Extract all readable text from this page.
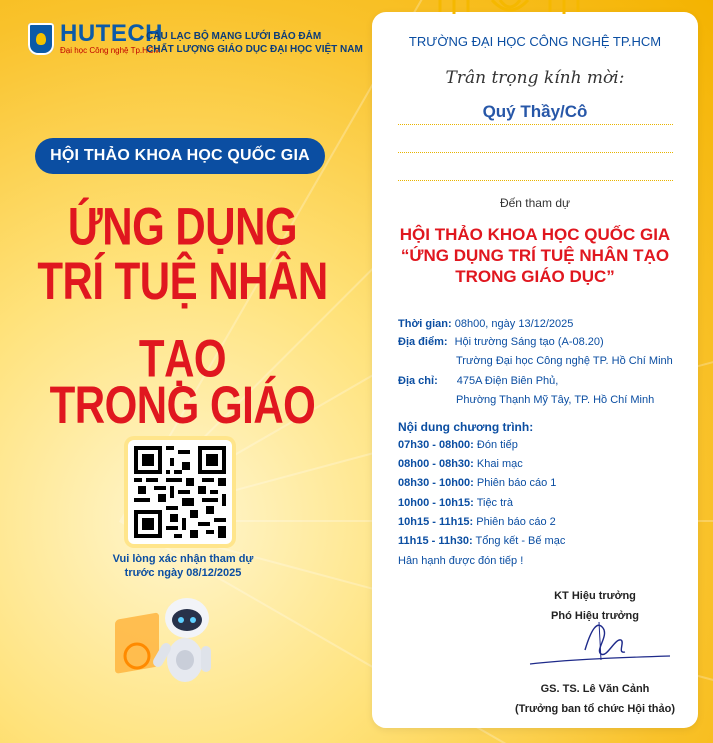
HUTECH
Đại học Công nghệ Tp.HCM
CÂU LẠC BỘ MẠNG LƯỚI BẢO ĐẢM
CHẤT LƯỢNG GIÁO DỤC ĐẠI HỌC VIỆT NAM
HỘI THẢO KHOA HỌC QUỐC GIA
ỨNG DỤNG
TRÍ TUỆ NHÂN TẠO
TRONG GIÁO
Vui lòng xác nhận tham dự
trước ngày 08/12/2025
TRƯỜNG ĐẠI HỌC CÔNG NGHỆ TP.HCM
Trân trọng kính mời:
Quý Thầy/Cô
Đến tham dự
HỘI THẢO KHOA HỌC QUỐC GIA
“ỨNG DỤNG TRÍ TUỆ NHÂN TẠO
TRONG GIÁO DỤC”
Thời gian: 08h00, ngày 13/12/2025
Địa điểm: Hội trường Sáng tạo (A-08.20)
Trường Đại học Công nghệ TP. Hồ Chí Minh
Địa chỉ: 475A Điện Biên Phủ,
Phường Thạnh Mỹ Tây, TP. Hồ Chí Minh
Nội dung chương trình:
07h30 - 08h00: Đón tiếp
08h00 - 08h30: Khai mạc
08h30 - 10h00: Phiên báo cáo 1
10h00 - 10h15: Tiệc trà
10h15 - 11h15: Phiên báo cáo 2
11h15 - 11h30: Tổng kết - Bế mạc
Hân hạnh được đón tiếp !
KT Hiệu trưởng
Phó Hiệu trưởng
GS. TS. Lê Văn Cảnh
(Trưởng ban tổ chức Hội thảo)
